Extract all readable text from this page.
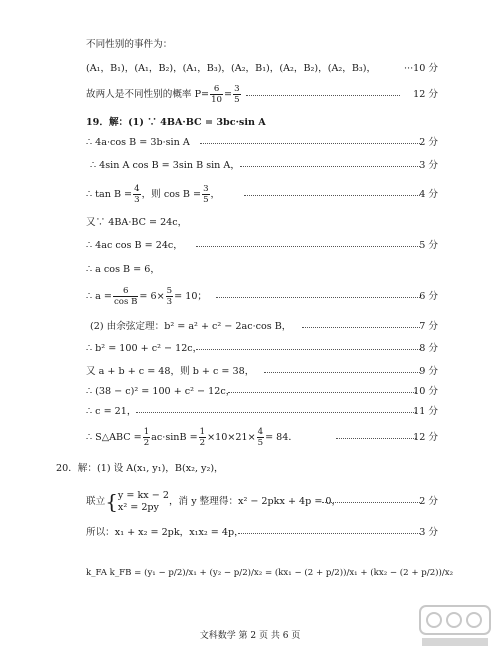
不同性别的事件为：
(A₁，B₁)，(A₁，B₂)，(A₁，B₃)，(A₂，B₁)，(A₂，B₂)，(A₂，B₃)，	···10 分
故两人是不同性别的概率 $P= \frac{6}{10} = \frac{3}{5}$	12 分
19．解：(1) ∵ 4BA·BC = 3bc·sin A
∴ 4a·cos B = 3b·sin A	2 分
∴ 4sin A cos B = 3sin B sin A，	3 分
∴ $\tan B = \frac{4}{3}$ ，则 $\cos B = \frac{3}{5}$ ，	4 分
又∵ 4BA·BC = 24c，
∴ 4ac cos B = 24c，	5 分
∴ a cos B = 6，
∴ $a = \frac{6}{\text{cos B}} = 6\times \frac{5}{3} = 10$；	6 分
(2) 由余弦定理：b² = a² + c² − 2ac·cos B，	7 分
∴ b² = 100 + c² − 12c，	8 分
又 a + b + c = 48，则 b + c = 38，	9 分
∴ (38 − c)² = 100 + c² − 12c，	10 分
∴ c = 21，	11 分
∴ S△ABC = $\frac{1}{2} ac\cdot\sin B = \frac{1}{2} \times 10\times 21\times \frac{4}{5} = 84$．	12 分
20．解：(1) 设 A(x₁, y₁)，B(x₂, y₂)，
联立{ y = kx − 2
x² = 2py	，消 y 整理得：x² − 2pkx + 4p = 0，	2 分
所以：x₁ + x₂ = 2pk，x₁x₂ = 4p，	3 分
k_FA k_FB = (y₁ − p/2)/x₁ + (y₂ − p/2)/x₂ = (kx₁ − (2 + p/2))/x₁ + (kx₂ − (2 + p/2))/x₂
文科数学 第 2 页 共 6 页
